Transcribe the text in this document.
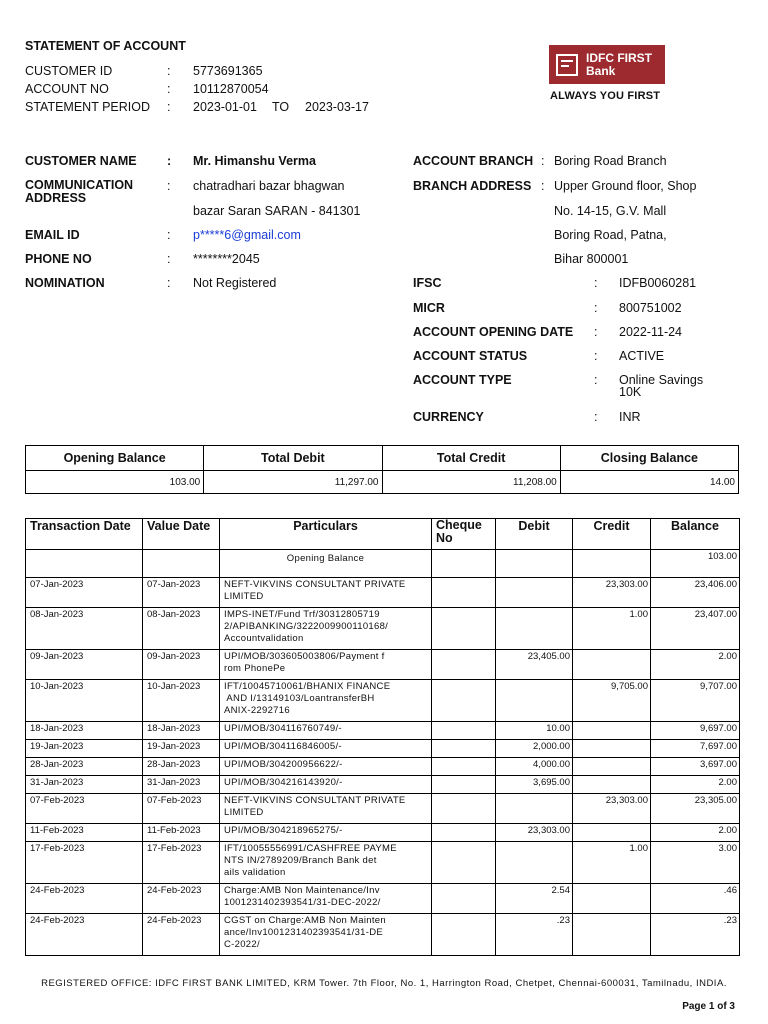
STATEMENT OF ACCOUNT
CUSTOMER ID	: 5773691365
ACCOUNT NO	: 10112870054
STATEMENT PERIOD : 2023-01-01 TO 2023-03-17
IDFC FIRST
Bank
ALWAYS YOU FIRST
CUSTOMER NAME : Mr. Himanshu Verma
COMMUNICATION
ADDRESS
: chatradhari bazar bhagwan
bazar Saran SARAN - 841301
EMAIL ID	: p*****6@gmail.com
PHONE NO	: ********2045
NOMINATION	: Not Registered
ACCOUNT BRANCH : Boring Road Branch
BRANCH ADDRESS : Upper Ground floor, Shop
No. 14-15, G.V. Mall
Boring Road, Patna,
Bihar 800001
IFSC	: IDFB0060281
MICR	: 800751002
ACCOUNT OPENING DATE : 2022-11-24
ACCOUNT STATUS	: ACTIVE
ACCOUNT TYPE	: Online Savings
10K
CURRENCY	: INR
Opening Balance	Total Debit	Total Credit	Closing Balance
103.00	11,297.00	11,208.00	14.00
Transaction Date	Value Date	Particulars	Cheque No	Debit	Credit	Balance

		Opening Balance				103.00
07-Jan-2023	07-Jan-2023	NEFT-VIKVINS CONSULTANT PRIVATE
LIMITED			23,303.00	23,406.00
08-Jan-2023	08-Jan-2023	IMPS-INET/Fund Trf/30312805719
2/APIBANKING/3222009900110168/
Accountvalidation			1.00	23,407.00
09-Jan-2023	09-Jan-2023	UPI/MOB/303605003806/Payment f
rom PhonePe		23,405.00		2.00
10-Jan-2023	10-Jan-2023	IFT/10045710061/BHANIX FINANCE
AND I/13149103/LoantransferBH
ANIX-2292716			9,705.00	9,707.00
18-Jan-2023	18-Jan-2023	UPI/MOB/304116760749/-		10.00		9,697.00
19-Jan-2023	19-Jan-2023	UPI/MOB/304116846005/-		2,000.00		7,697.00
28-Jan-2023	28-Jan-2023	UPI/MOB/304200956622/-		4,000.00		3,697.00
31-Jan-2023	31-Jan-2023	UPI/MOB/304216143920/-		3,695.00		2.00
07-Feb-2023	07-Feb-2023	NEFT-VIKVINS CONSULTANT PRIVATE
LIMITED			23,303.00	23,305.00
11-Feb-2023	11-Feb-2023	UPI/MOB/304218965275/-		23,303.00		2.00
17-Feb-2023	17-Feb-2023	IFT/10055556991/CASHFREE PAYME
NTS IN/2789209/Branch Bank det
ails validation			1.00	3.00
24-Feb-2023	24-Feb-2023	Charge:AMB Non Maintenance/Inv
1001231402393541/31-DEC-2022/		2.54		.46
24-Feb-2023	24-Feb-2023	CGST on Charge:AMB Non Mainten
ance/Inv1001231402393541/31-DE
C-2022/		.23		.23
REGISTERED OFFICE: IDFC FIRST BANK LIMITED, KRM Tower. 7th Floor, No. 1, Harrington Road, Chetpet, Chennai-600031, Tamilnadu, INDIA.
Page 1 of 3
